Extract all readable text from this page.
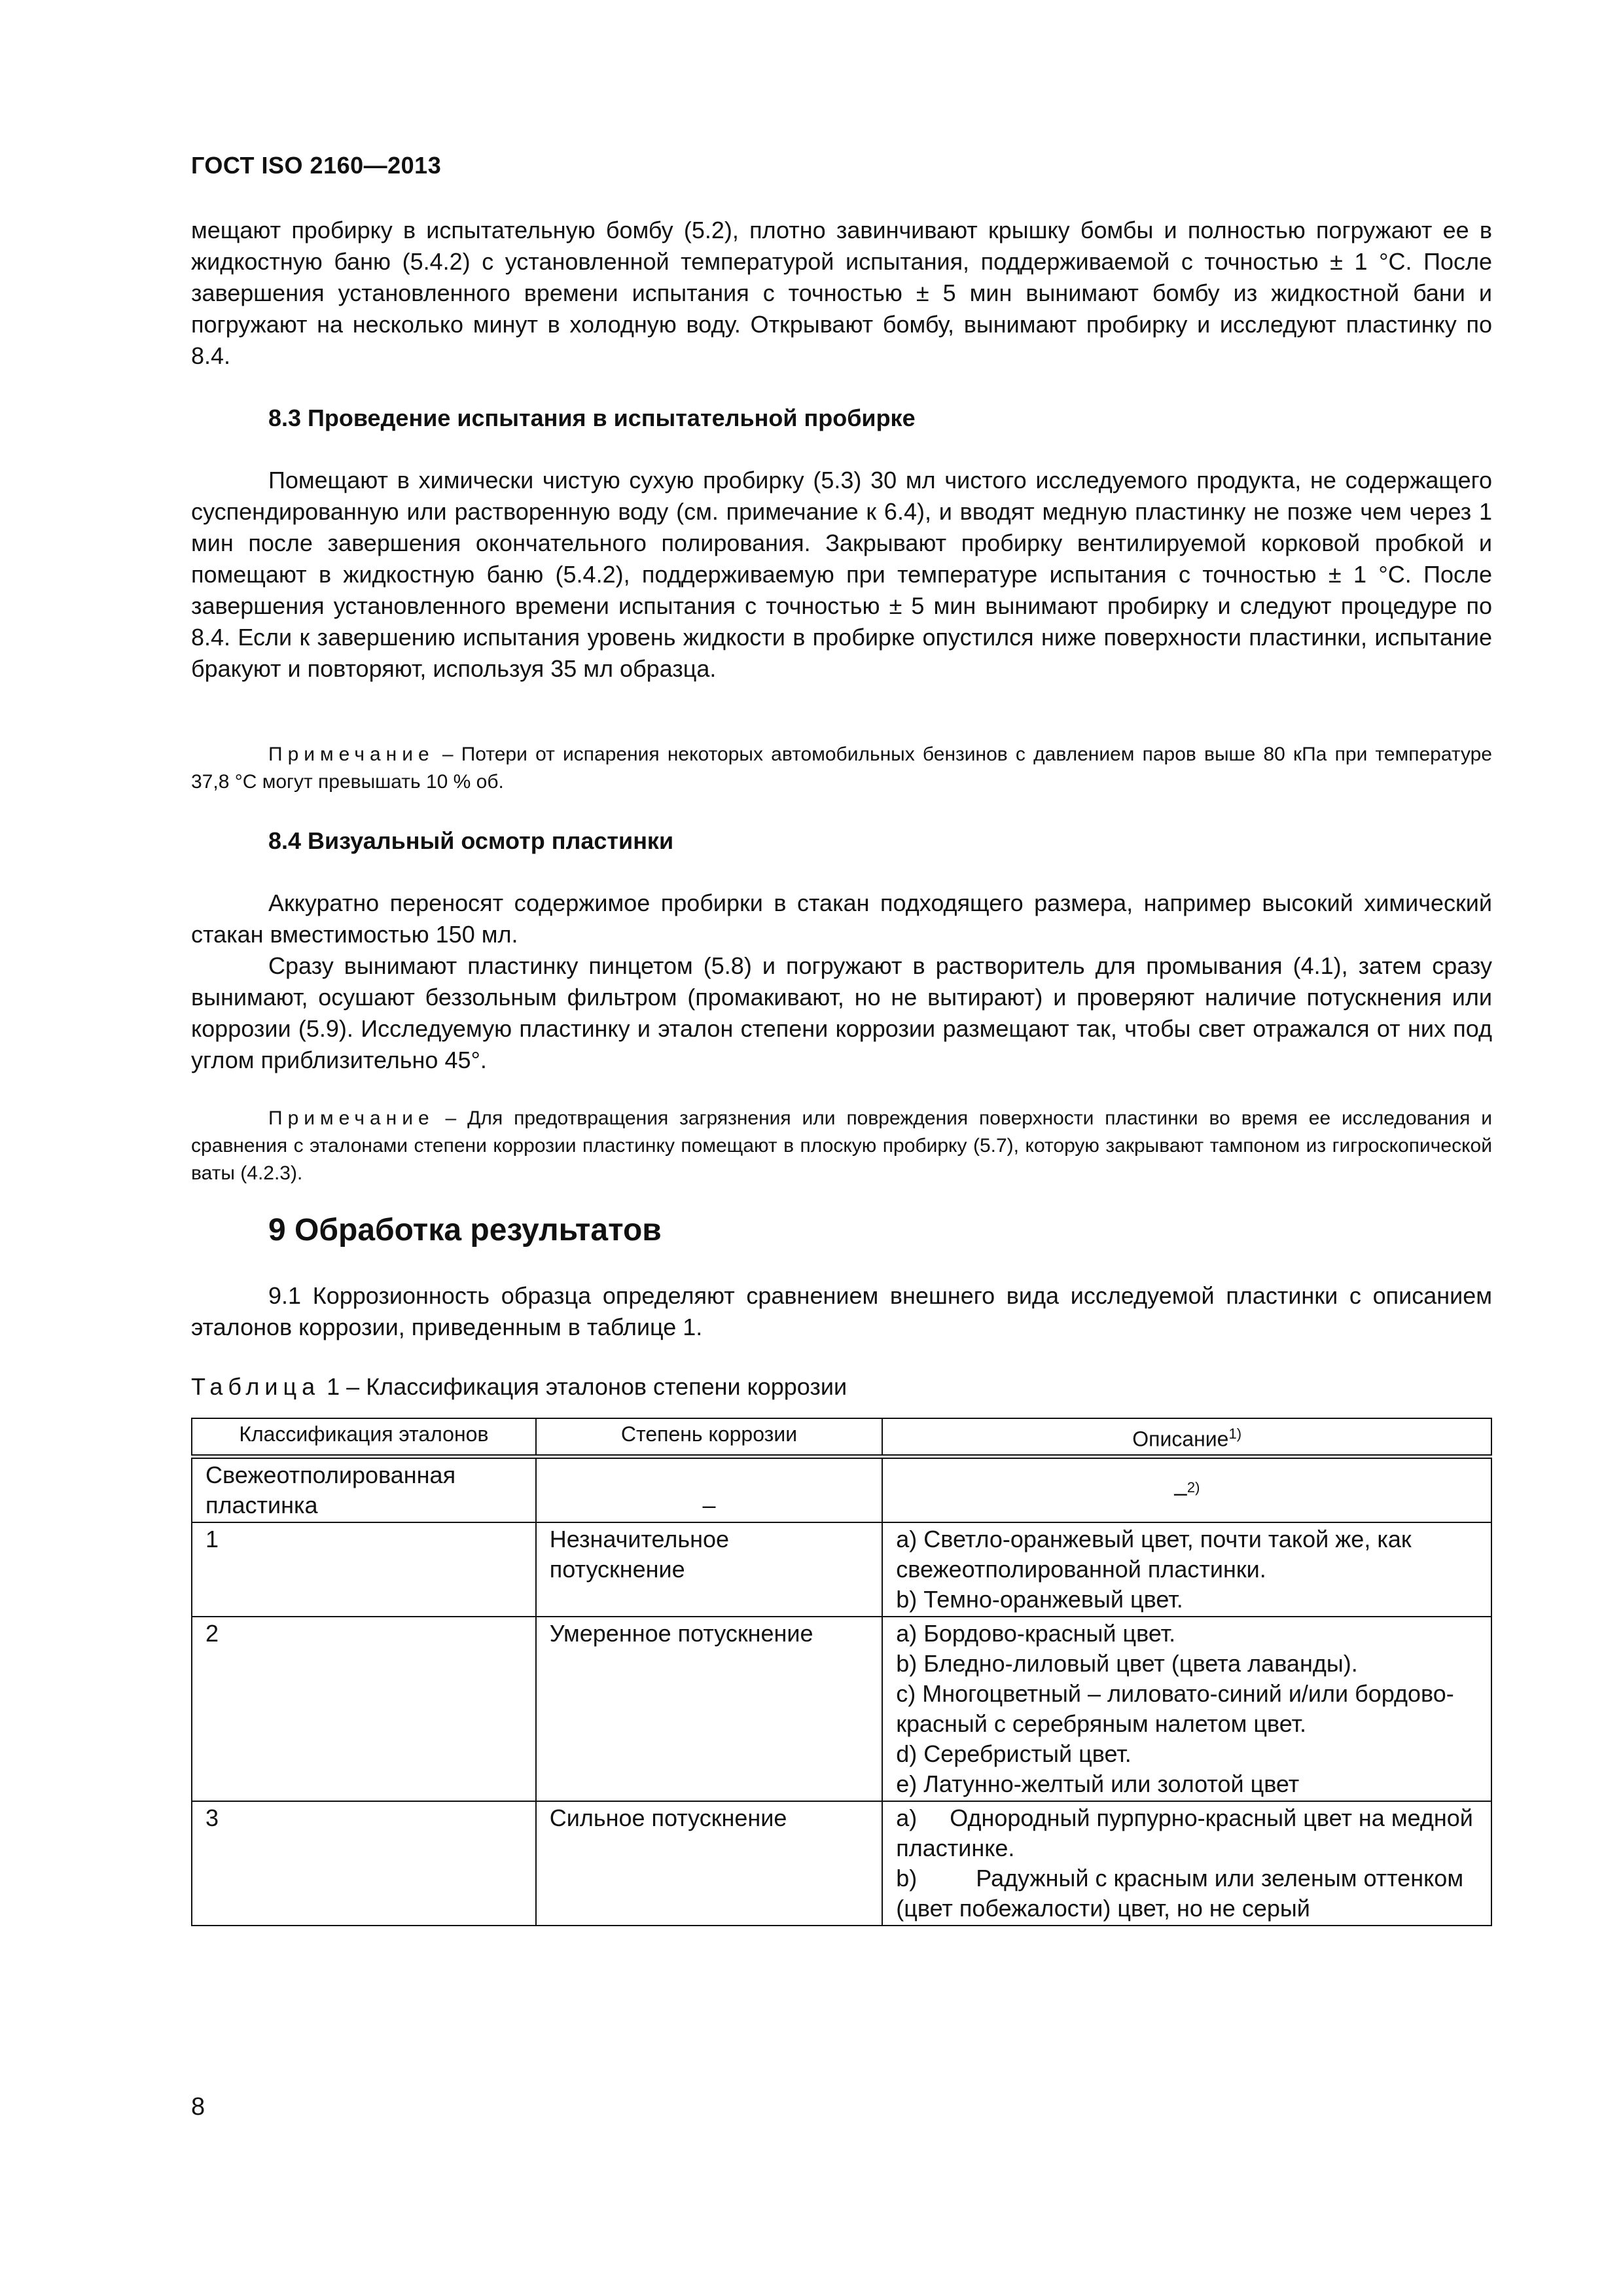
ГОСТ ISO 2160—2013
мещают пробирку в испытательную бомбу (5.2), плотно завинчивают крышку бомбы и полностью погружают ее в жидкостную баню (5.4.2) с установленной температурой испытания, поддерживаемой с точностью ± 1 °С. После завершения установленного времени испытания с точностью ± 5 мин вынимают бомбу из жидкостной бани и погружают на несколько минут в холодную воду. Открывают бомбу, вынимают пробирку и исследуют пластинку по 8.4.
8.3 Проведение испытания в испытательной пробирке
Помещают в химически чистую сухую пробирку (5.3) 30 мл чистого исследуемого продукта, не содержащего суспендированную или растворенную воду (см. примечание к 6.4), и вводят медную пластинку не позже чем через 1 мин после завершения окончательного полирования. Закрывают пробирку вентилируемой корковой пробкой и помещают в жидкостную баню (5.4.2), поддерживаемую при температуре испытания с точностью ± 1 °С. После завершения установленного времени испытания с точностью ± 5 мин вынимают пробирку и следуют процедуре по 8.4. Если к завершению испытания уровень жидкости в пробирке опустился ниже поверхности пластинки, испытание бракуют и повторяют, используя 35 мл образца.
Примечание – Потери от испарения некоторых автомобильных бензинов с давлением паров выше 80 кПа при температуре 37,8 °С могут превышать 10 % об.
8.4 Визуальный осмотр пластинки
Аккуратно переносят содержимое пробирки в стакан подходящего размера, например высокий химический стакан вместимостью 150 мл.
Сразу вынимают пластинку пинцетом (5.8) и погружают в растворитель для промывания (4.1), затем сразу вынимают, осушают беззольным фильтром (промакивают, но не вытирают) и проверяют наличие потускнения или коррозии (5.9). Исследуемую пластинку и эталон степени коррозии размещают так, чтобы свет отражался от них под углом приблизительно 45°.
Примечание – Для предотвращения загрязнения или повреждения поверхности пластинки во время ее исследования и сравнения с эталонами степени коррозии пластинку помещают в плоскую пробирку (5.7), которую закрывают тампоном из гигроскопической ваты (4.2.3).
9 Обработка результатов
9.1 Коррозионность образца определяют сравнением внешнего вида исследуемой пластинки с описанием эталонов коррозии, приведенным в таблице 1.
Таблица 1 – Классификация эталонов степени коррозии
Классификация эталонов	Степень коррозии	Описание$^{1)}$
Свежеотполированная пластинка	–	–$^{2)}$
1	Незначительное потускнение	a) Светло-оранжевый цвет, почти такой же, как свежеотполированной пластинки.
b) Темно-оранжевый цвет.

2	Умеренное потускнение	a) Бордово-красный цвет.
b) Бледно-лиловый цвет (цвета лаванды).
c) Многоцветный – лиловато-синий и/или бордово-красный с серебряным налетом цвет.
d) Серебристый цвет.
e) Латунно-желтый или золотой цвет

3	Сильное потускнение	a)     Однородный пурпурно-красный цвет на медной пластинке.
b)         Радужный с красным или зеленым оттенком (цвет побежалости) цвет, но не серый
8
